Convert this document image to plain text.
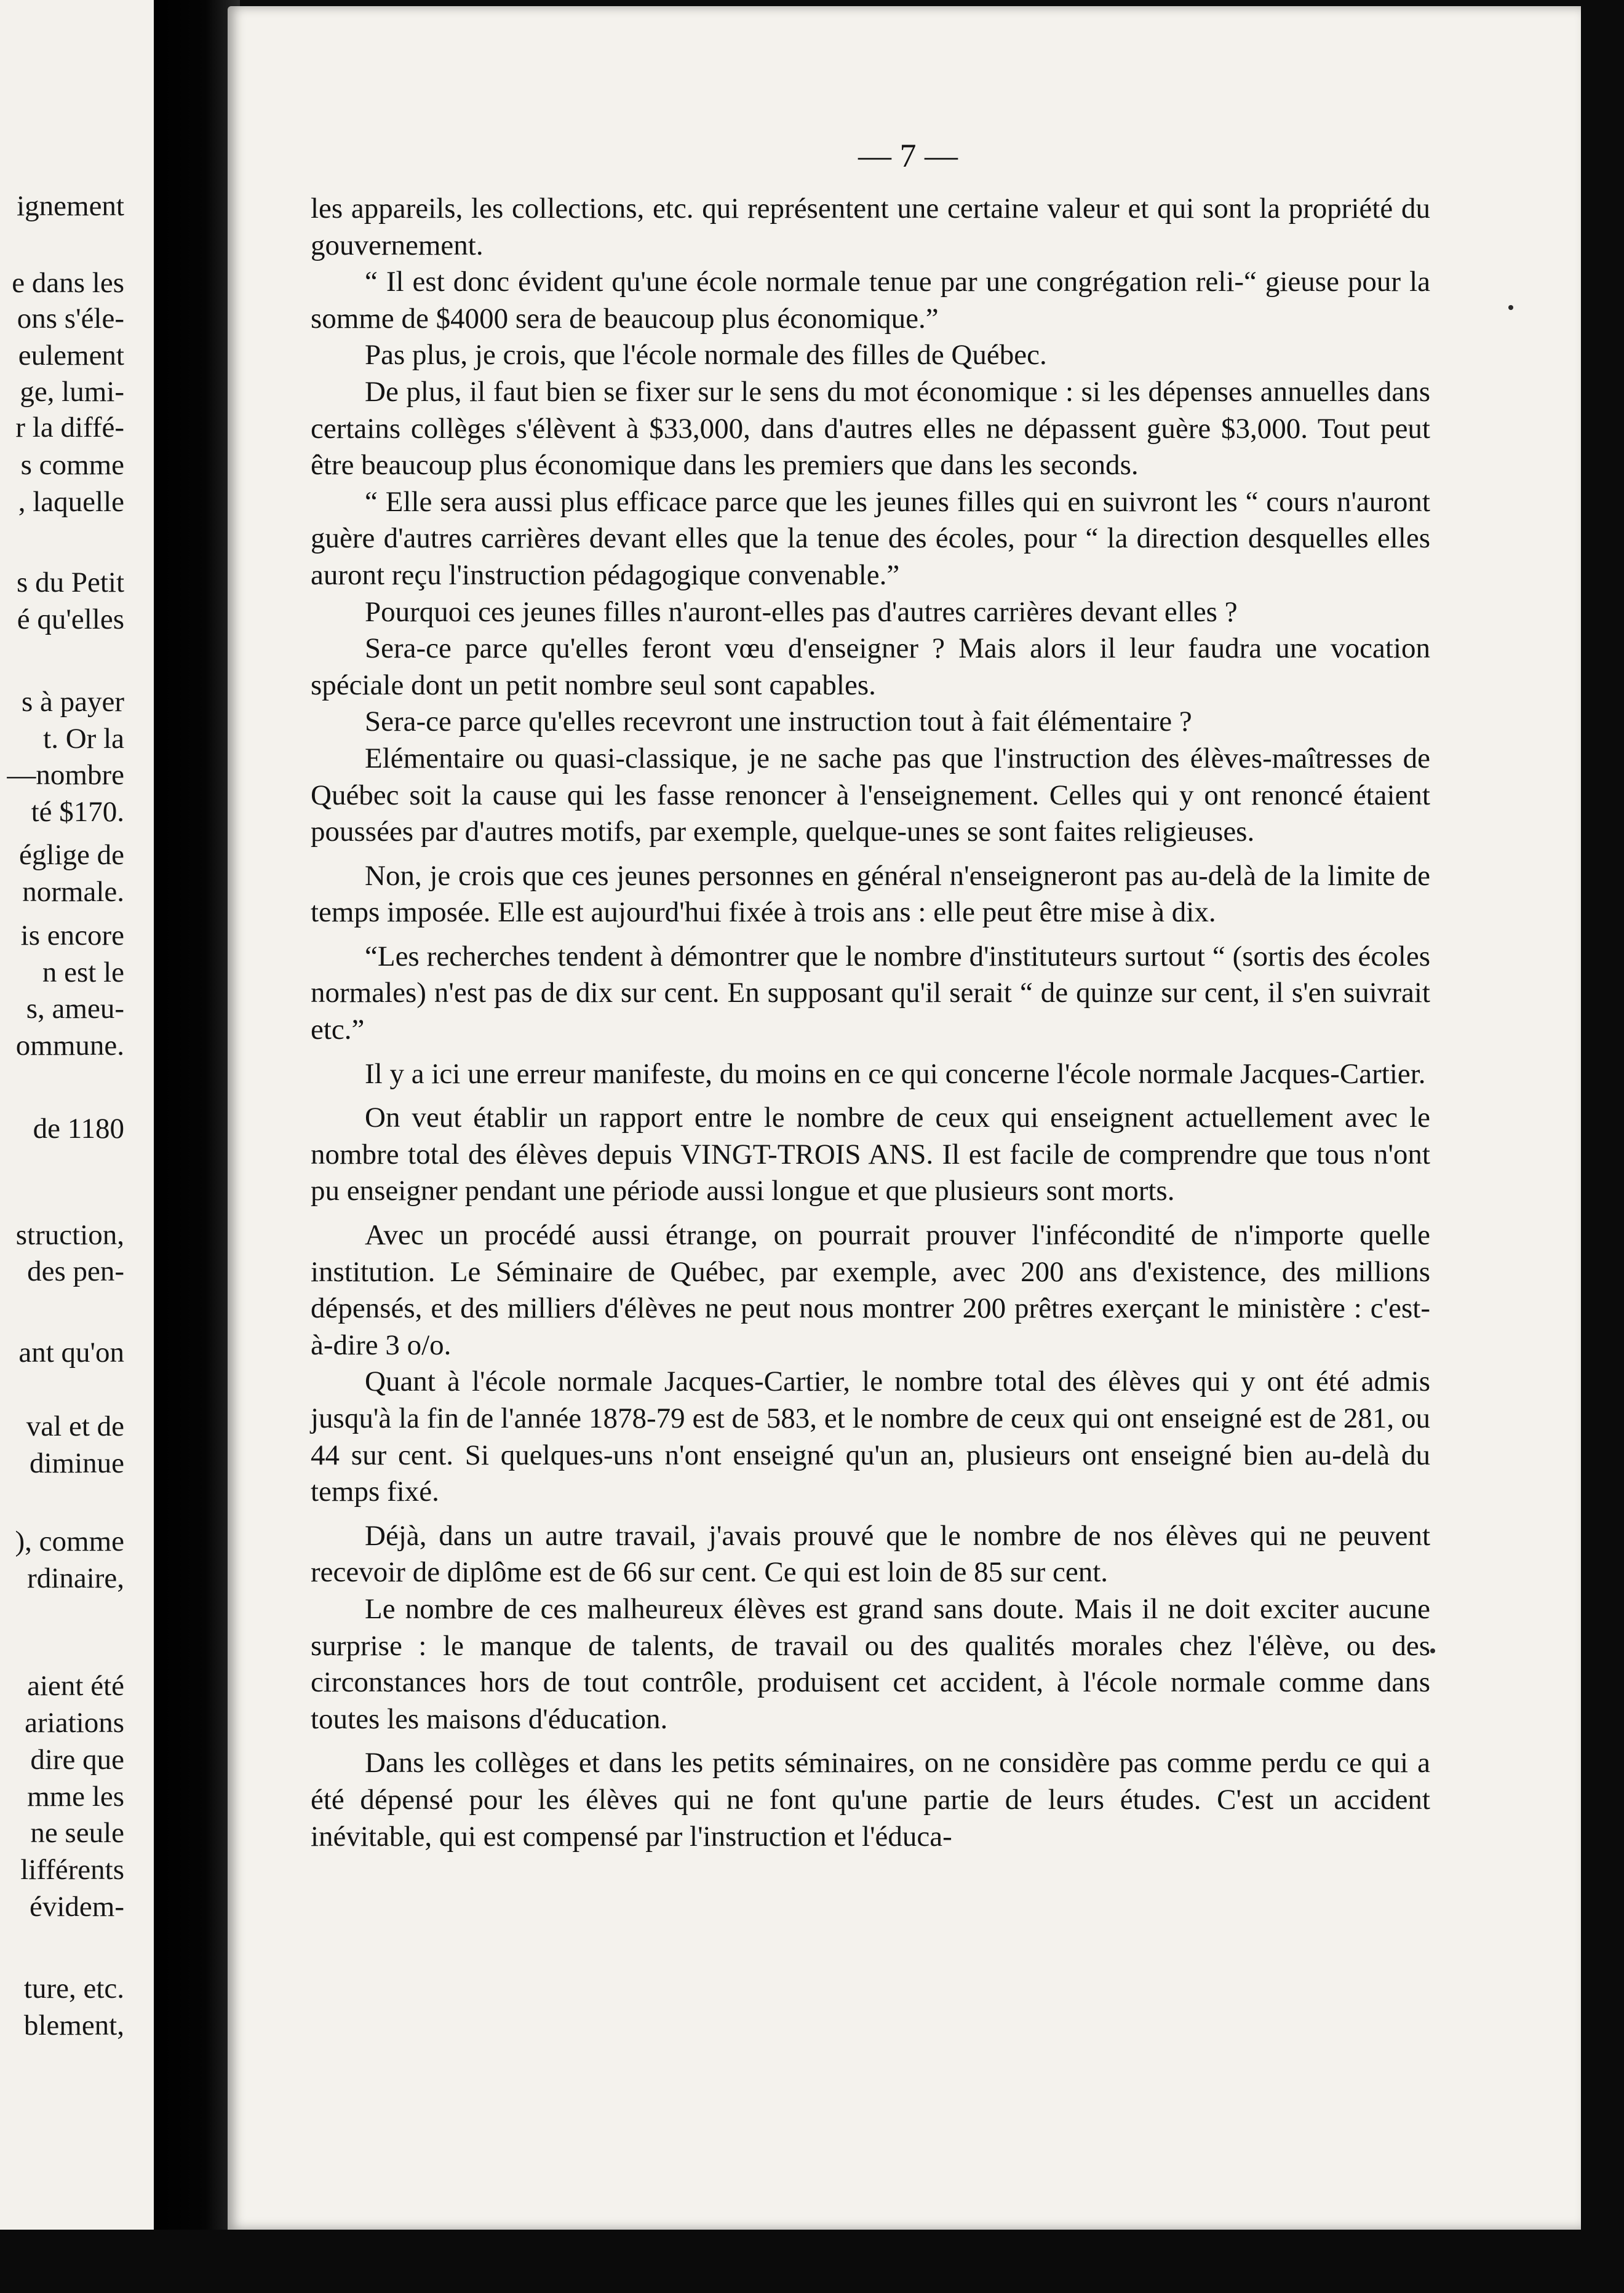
ignement
e dans les
ons s'éle-
eulement
ge, lumi-
r la diffé-
s comme
, laquelle
s du Petit
é qu'elles
s à payer
t. Or la
—nombre
té $170.
églige de
normale.
is encore
n est le
s, ameu-
ommune.
de 1180
struction,
des pen-
ant qu'on
val et de
diminue
), comme
rdinaire,
aient été
ariations
dire que
mme les
ne seule
lifférents
évidem-
ture, etc.
blement,
— 7 —

les appareils, les collections, etc. qui représentent une certaine valeur et qui sont la propriété du gouvernement.

“ Il est donc évident qu'une école normale tenue par une congrégation reli-“ gieuse pour la somme de $4000 sera de beaucoup plus économique.”

Pas plus, je crois, que l'école normale des filles de Québec.

De plus, il faut bien se fixer sur le sens du mot économique : si les dépenses annuelles dans certains collèges s'élèvent à $33,000, dans d'autres elles ne dépassent guère $3,000. Tout peut être beaucoup plus économique dans les premiers que dans les seconds.

“ Elle sera aussi plus efficace parce que les jeunes filles qui en suivront les “ cours n'auront guère d'autres carrières devant elles que la tenue des écoles, pour “ la direction desquelles elles auront reçu l'instruction pédagogique convenable.”

Pourquoi ces jeunes filles n'auront-elles pas d'autres carrières devant elles ?

Sera-ce parce qu'elles feront vœu d'enseigner ? Mais alors il leur faudra une vocation spéciale dont un petit nombre seul sont capables.

Sera-ce parce qu'elles recevront une instruction tout à fait élémentaire ?

Elémentaire ou quasi-classique, je ne sache pas que l'instruction des élèves-maîtresses de Québec soit la cause qui les fasse renoncer à l'enseignement. Celles qui y ont renoncé étaient poussées par d'autres motifs, par exemple, quelque-unes se sont faites religieuses.

Non, je crois que ces jeunes personnes en général n'enseigneront pas au-delà de la limite de temps imposée. Elle est aujourd'hui fixée à trois ans : elle peut être mise à dix.

“Les recherches tendent à démontrer que le nombre d'instituteurs surtout “ (sortis des écoles normales) n'est pas de dix sur cent. En supposant qu'il serait “ de quinze sur cent, il s'en suivrait etc.”

Il y a ici une erreur manifeste, du moins en ce qui concerne l'école normale Jacques-Cartier.

On veut établir un rapport entre le nombre de ceux qui enseignent actuellement avec le nombre total des élèves depuis VINGT-TROIS ANS. Il est facile de comprendre que tous n'ont pu enseigner pendant une période aussi longue et que plusieurs sont morts.

Avec un procédé aussi étrange, on pourrait prouver l'infécondité de n'importe quelle institution. Le Séminaire de Québec, par exemple, avec 200 ans d'existence, des millions dépensés, et des milliers d'élèves ne peut nous montrer 200 prêtres exerçant le ministère : c'est-à-dire 3 o/o.

Quant à l'école normale Jacques-Cartier, le nombre total des élèves qui y ont été admis jusqu'à la fin de l'année 1878-79 est de 583, et le nombre de ceux qui ont enseigné est de 281, ou 44 sur cent. Si quelques-uns n'ont enseigné qu'un an, plusieurs ont enseigné bien au-delà du temps fixé.

Déjà, dans un autre travail, j'avais prouvé que le nombre de nos élèves qui ne peuvent recevoir de diplôme est de 66 sur cent. Ce qui est loin de 85 sur cent.

Le nombre de ces malheureux élèves est grand sans doute. Mais il ne doit exciter aucune surprise : le manque de talents, de travail ou des qualités morales chez l'élève, ou des circonstances hors de tout contrôle, produisent cet accident, à l'école normale comme dans toutes les maisons d'éducation.

Dans les collèges et dans les petits séminaires, on ne considère pas comme perdu ce qui a été dépensé pour les élèves qui ne font qu'une partie de leurs études. C'est un accident inévitable, qui est compensé par l'instruction et l'éduca-
